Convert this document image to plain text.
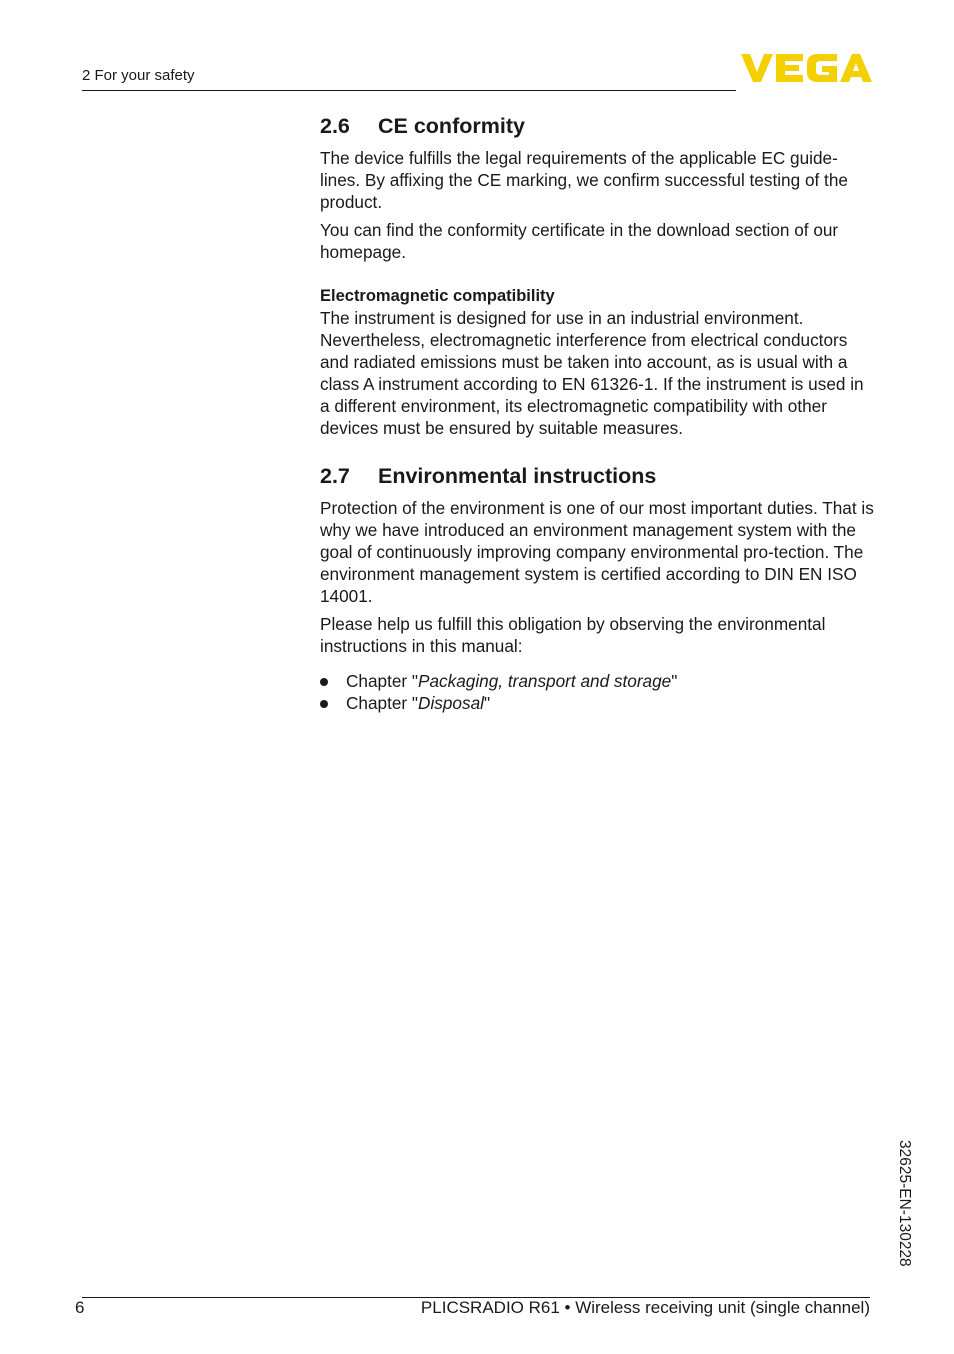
2 For your safety
2.6 CE conformity

The device fulfills the legal requirements of the applicable EC guide-lines. By affixing the CE marking, we confirm successful testing of the product.

You can find the conformity certificate in the download section of our homepage.

Electromagnetic compatibility

The instrument is designed for use in an industrial environment. Nevertheless, electromagnetic interference from electrical conductors and radiated emissions must be taken into account, as is usual with a class A instrument according to EN 61326-1. If the instrument is used in a different environment, its electromagnetic compatibility with other devices must be ensured by suitable measures.

2.7 Environmental instructions

Protection of the environment is one of our most important duties. That is why we have introduced an environment management system with the goal of continuously improving company environmental pro-tection. The environment management system is certified according to DIN EN ISO 14001.

Please help us fulfill this obligation by observing the environmental instructions in this manual:

Chapter "Packaging, transport and storage"
Chapter "Disposal"
32625-EN-130228
6	PLICSRADIO R61 • Wireless receiving unit (single channel)
